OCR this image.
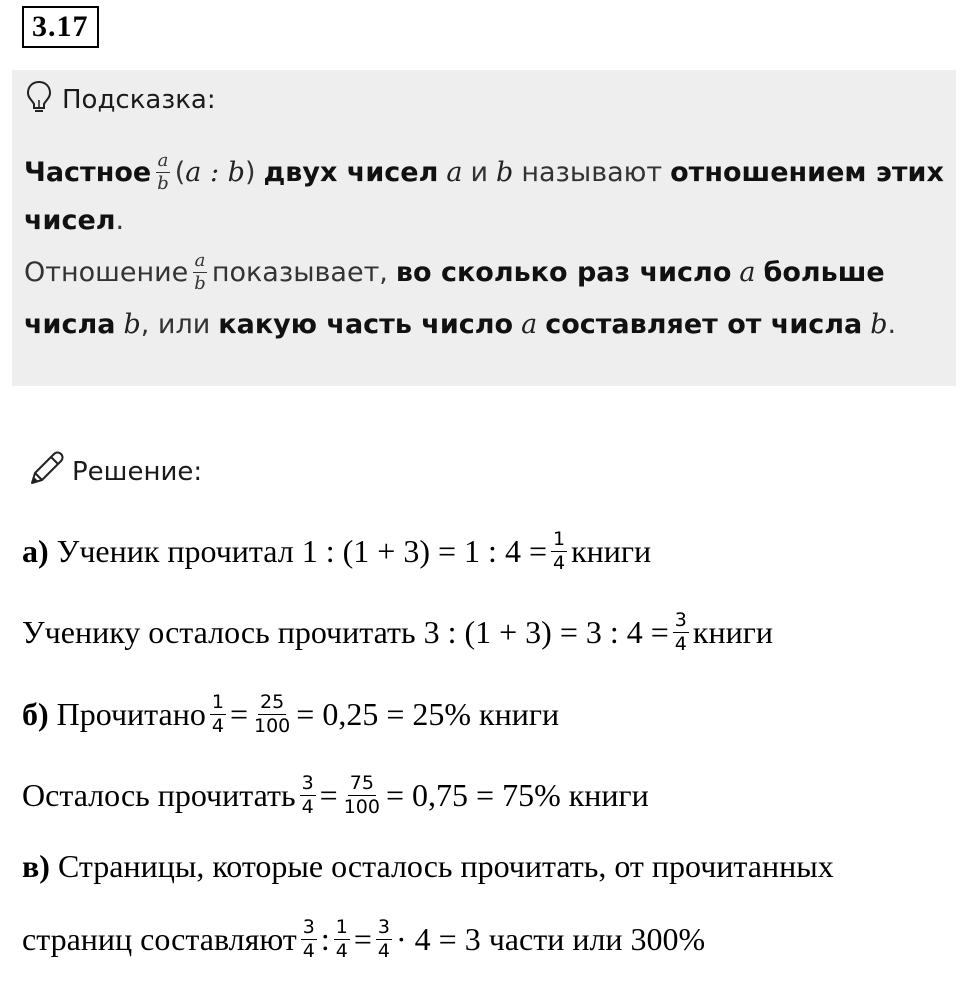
3.17
Подсказка:
Частное $\frac{a}{b}$ ( a : b ) двух чисел a и b называют отношением этих
чисел .
Отношение $\frac{a}{b}$ показывает, во сколько раз число a больше
числа b , или какую часть число a составляет от числа b .
Решение:
а) Ученик прочитал 1 : (1 + 3) = 1 : $4 = \frac{1}{4}$ книги
Ученику осталось прочитать 3 : (1 + 3) = 3 : $4 = \frac{3}{4}$ книги
б) Прочитано $\frac{1}{4} = \frac{25}{100} = 0,25 = 25\%$ книги
Осталось прочитать $\frac{3}{4} = \frac{75}{100} = 0,75 = 75\%$ книги
в) Страницы, которые осталось прочитать, от прочитанных
страниц составляют $\frac{3}{4}$ : $\frac{1}{4} = \frac{3}{4} \cdot 4 = 3$ части или 300%
